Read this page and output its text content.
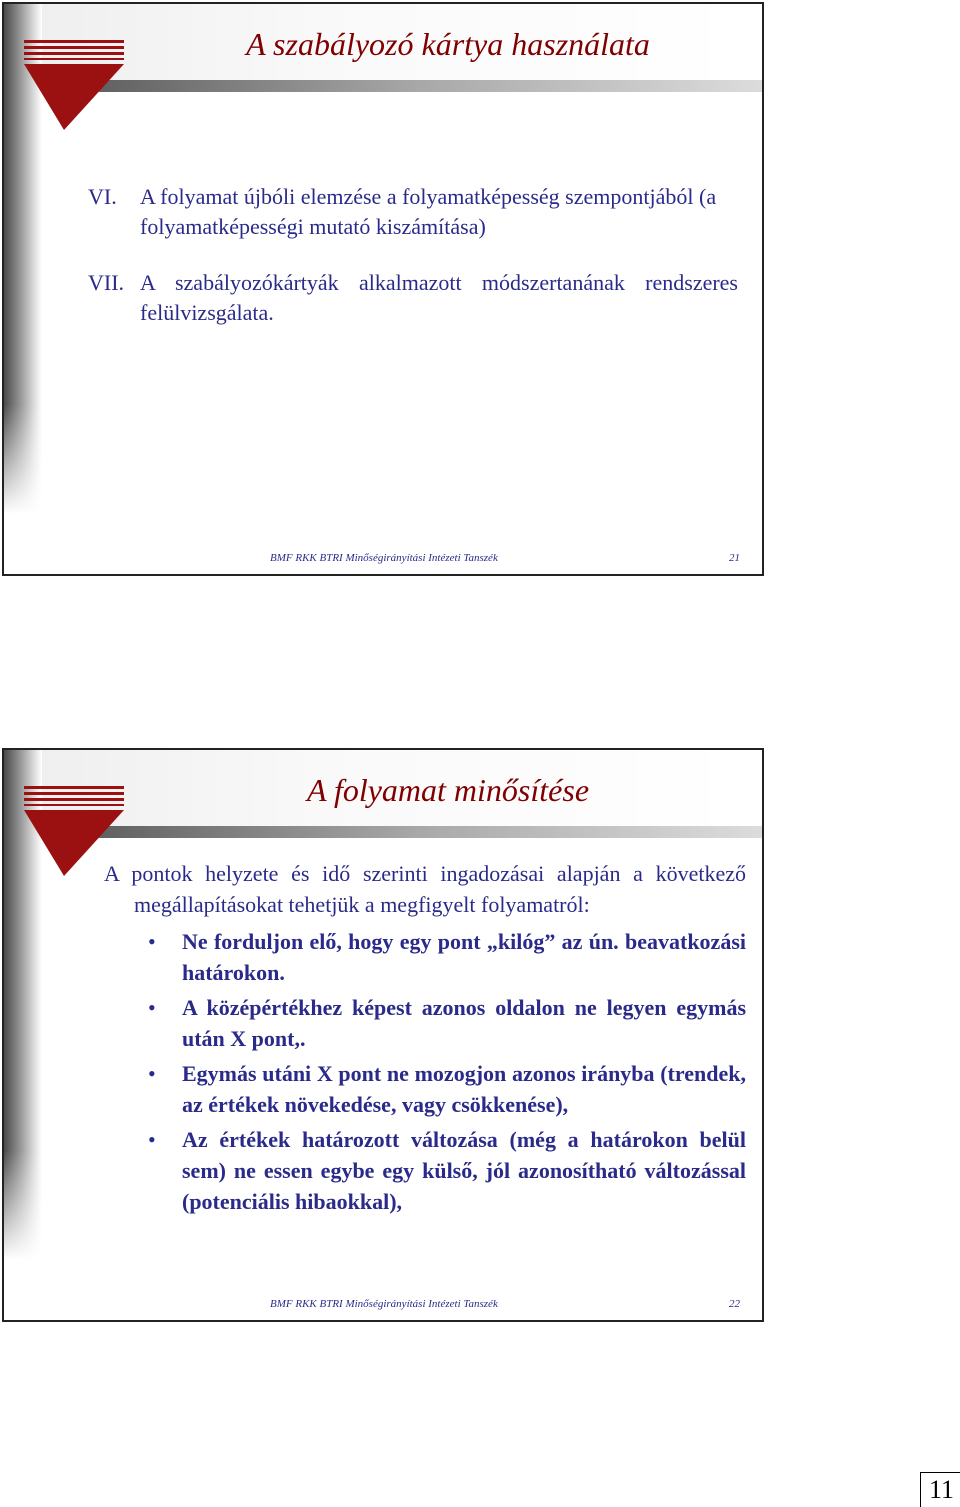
A szabályozó kártya használata
VI. A folyamat újbóli elemzése a folyamatképesség szempontjából (a folyamatképességi mutató kiszámítása)
VII. A szabályozókártyák alkalmazott módszertanának rendszeres felülvizsgálata.
BMF RKK BTRI Minőségirányítási Intézeti Tanszék	21
A folyamat minősítése
A pontok helyzete és idő szerinti ingadozásai alapján a következő megállapításokat tehetjük a megfigyelt folyamatról:
• Ne forduljon elő, hogy egy pont „kilóg” az ún. beavatkozási határokon.
• A középértékhez képest azonos oldalon ne legyen egymás után X pont,.
• Egymás utáni X pont ne mozogjon azonos irányba (trendek, az értékek növekedése, vagy csökkenése),
• Az értékek határozott változása (még a határokon belül sem) ne essen egybe egy külső, jól azonosítható változással (potenciális hibaokkal),
BMF RKK BTRI Minőségirányítási Intézeti Tanszék	22
11
